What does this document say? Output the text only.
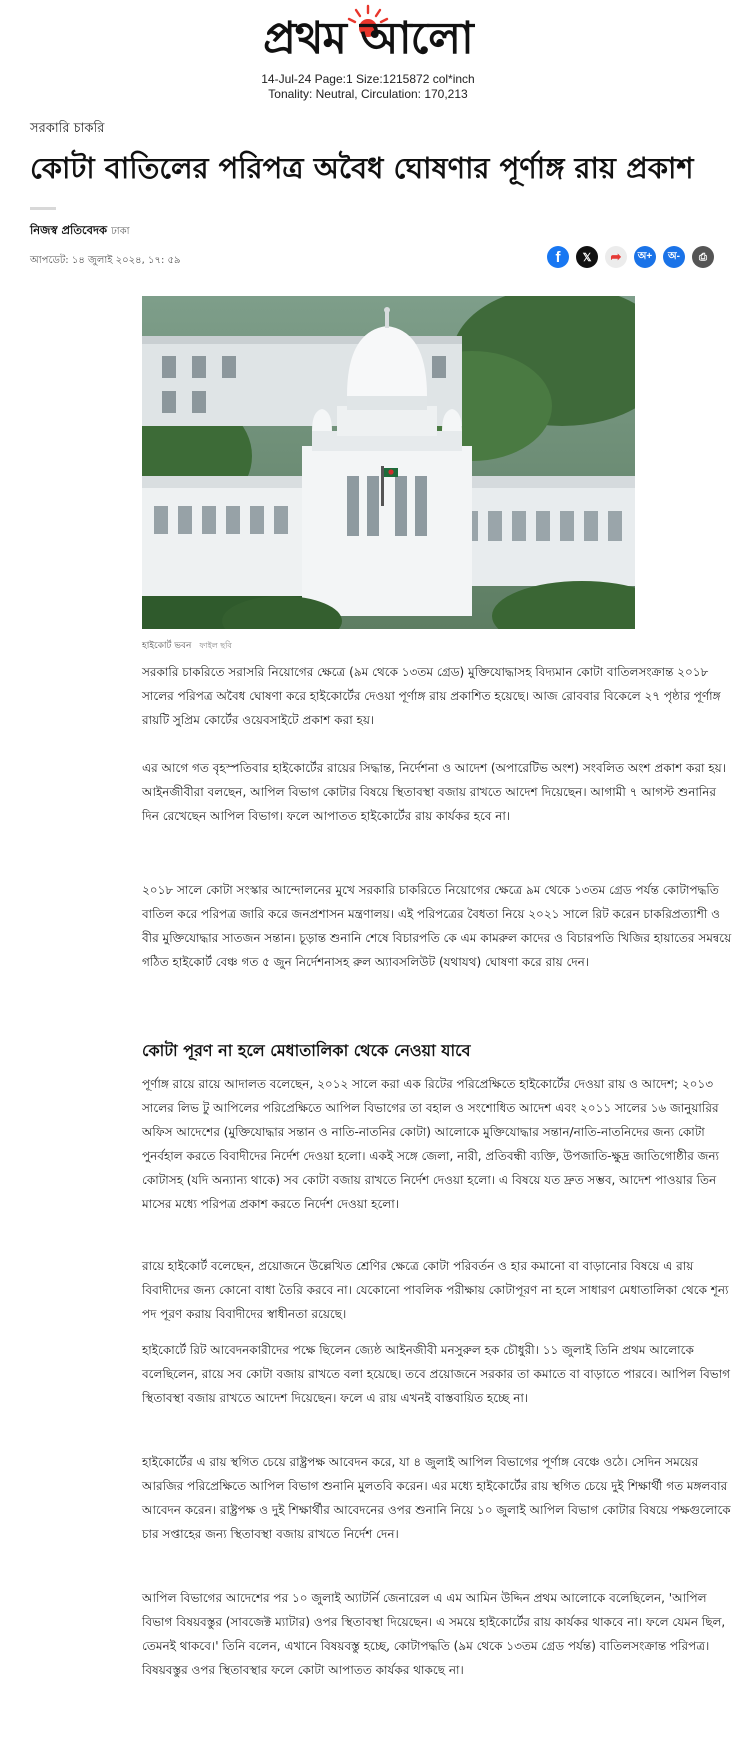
প্রথম আলো
14-Jul-24 Page:1 Size:1215872 col*inch
Tonality: Neutral, Circulation: 170,213
সরকারি চাকরি
কোটা বাতিলের পরিপত্র অবৈধ ঘোষণার পূর্ণাঙ্গ রায় প্রকাশ
নিজস্ব প্রতিবেদক ঢাকা
আপডেট: ১৪ জুলাই ২০২৪, ১৭: ৫৯	f	𝕏	➦	অ+	অ-	⎙
হাইকোর্ট ভবন ফাইল ছবি

সরকারি চাকরিতে সরাসরি নিয়োগের ক্ষেত্রে (৯ম থেকে ১৩তম গ্রেড) মুক্তিযোদ্ধাসহ বিদ্যমান কোটা বাতিলসংক্রান্ত ২০১৮ সালের পরিপত্র অবৈধ ঘোষণা করে হাইকোর্টের দেওয়া পূর্ণাঙ্গ রায় প্রকাশিত হয়েছে। আজ রোববার বিকেলে ২৭ পৃষ্ঠার পূর্ণাঙ্গ রায়টি সুপ্রিম কোর্টের ওয়েবসাইটে প্রকাশ করা হয়।

এর আগে গত বৃহস্পতিবার হাইকোর্টের রায়ের সিদ্ধান্ত, নির্দেশনা ও আদেশ (অপারেটিভ অংশ) সংবলিত অংশ প্রকাশ করা হয়। আইনজীবীরা বলছেন, আপিল বিভাগ কোটার বিষয়ে স্থিতাবস্থা বজায় রাখতে আদেশ দিয়েছেন। আগামী ৭ আগস্ট শুনানির দিন রেখেছেন আপিল বিভাগ। ফলে আপাতত হাইকোর্টের রায় কার্যকর হবে না।

২০১৮ সালে কোটা সংস্কার আন্দোলনের মুখে সরকারি চাকরিতে নিয়োগের ক্ষেত্রে ৯ম থেকে ১৩তম গ্রেড পর্যন্ত কোটাপদ্ধতি বাতিল করে পরিপত্র জারি করে জনপ্রশাসন মন্ত্রণালয়। এই পরিপত্রের বৈধতা নিয়ে ২০২১ সালে রিট করেন চাকরিপ্রত্যাশী ও বীর মুক্তিযোদ্ধার সাতজন সন্তান। চূড়ান্ত শুনানি শেষে বিচারপতি কে এম কামরুল কাদের ও বিচারপতি খিজির হায়াতের সমন্বয়ে গঠিত হাইকোর্ট বেঞ্চ গত ৫ জুন নির্দেশনাসহ রুল অ্যাবসলিউট (যথাযথ) ঘোষণা করে রায় দেন।

কোটা পূরণ না হলে মেধাতালিকা থেকে নেওয়া যাবে

পূর্ণাঙ্গ রায়ে রায়ে আদালত বলেছেন, ২০১২ সালে করা এক রিটের পরিপ্রেক্ষিতে হাইকোর্টের দেওয়া রায় ও আদেশ; ২০১৩ সালের লিভ টু আপিলের পরিপ্রেক্ষিতে আপিল বিভাগের তা বহাল ও সংশোধিত আদেশ এবং ২০১১ সালের ১৬ জানুয়ারির অফিস আদেশের (মুক্তিযোদ্ধার সন্তান ও নাতি-নাতনির কোটা) আলোকে মুক্তিযোদ্ধার সন্তান/নাতি-নাতনিদের জন্য কোটা পুনর্বহাল করতে বিবাদীদের নির্দেশ দেওয়া হলো। একই সঙ্গে জেলা, নারী, প্রতিবন্ধী ব্যক্তি, উপজাতি-ক্ষুদ্র জাতিগোষ্ঠীর জন্য কোটাসহ (যদি অন্যান্য থাকে) সব কোটা বজায় রাখতে নির্দেশ দেওয়া হলো। এ বিষয়ে যত দ্রুত সম্ভব, আদেশ পাওয়ার তিন মাসের মধ্যে পরিপত্র প্রকাশ করতে নির্দেশ দেওয়া হলো।

রায়ে হাইকোর্ট বলেছেন, প্রয়োজনে উল্লেখিত শ্রেণির ক্ষেত্রে কোটা পরিবর্তন ও হার কমানো বা বাড়ানোর বিষয়ে এ রায় বিবাদীদের জন্য কোনো বাধা তৈরি করবে না। যেকোনো পাবলিক পরীক্ষায় কোটাপূরণ না হলে সাধারণ মেধাতালিকা থেকে শূন্য পদ পূরণ করায় বিবাদীদের স্বাধীনতা রয়েছে।

হাইকোর্টে রিট আবেদনকারীদের পক্ষে ছিলেন জ্যেষ্ঠ আইনজীবী মনসুরুল হক চৌধুরী। ১১ জুলাই তিনি প্রথম আলোকে বলেছিলেন, রায়ে সব কোটা বজায় রাখতে বলা হয়েছে। তবে প্রয়োজনে সরকার তা কমাতে বা বাড়াতে পারবে। আপিল বিভাগ স্থিতাবস্থা বজায় রাখতে আদেশ দিয়েছেন। ফলে এ রায় এখনই বাস্তবায়িত হচ্ছে না।

হাইকোর্টের এ রায় স্থগিত চেয়ে রাষ্ট্রপক্ষ আবেদন করে, যা ৪ জুলাই আপিল বিভাগের পূর্ণাঙ্গ বেঞ্চে ওঠে। সেদিন সময়ের আরজির পরিপ্রেক্ষিতে আপিল বিভাগ শুনানি মুলতবি করেন। এর মধ্যে হাইকোর্টের রায় স্থগিত চেয়ে দুই শিক্ষার্থী গত মঙ্গলবার আবেদন করেন। রাষ্ট্রপক্ষ ও দুই শিক্ষার্থীর আবেদনের ওপর শুনানি নিয়ে ১০ জুলাই আপিল বিভাগ কোটার বিষয়ে পক্ষগুলোকে চার সপ্তাহের জন্য স্থিতাবস্থা বজায় রাখতে নির্দেশ দেন।

আপিল বিভাগের আদেশের পর ১০ জুলাই অ্যাটর্নি জেনারেল এ এম আমিন উদ্দিন প্রথম আলোকে বলেছিলেন, 'আপিল বিভাগ বিষয়বস্তুর (সাবজেক্ট ম্যাটার) ওপর স্থিতাবস্থা দিয়েছেন। এ সময়ে হাইকোর্টের রায় কার্যকর থাকবে না। ফলে যেমন ছিল, তেমনই থাকবে।' তিনি বলেন, এখানে বিষয়বস্তু হচ্ছে, কোটাপদ্ধতি (৯ম থেকে ১৩তম গ্রেড পর্যন্ত) বাতিলসংক্রান্ত পরিপত্র। বিষয়বস্তুর ওপর স্থিতাবস্থার ফলে কোটা আপাতত কার্যকর থাকছে না।
